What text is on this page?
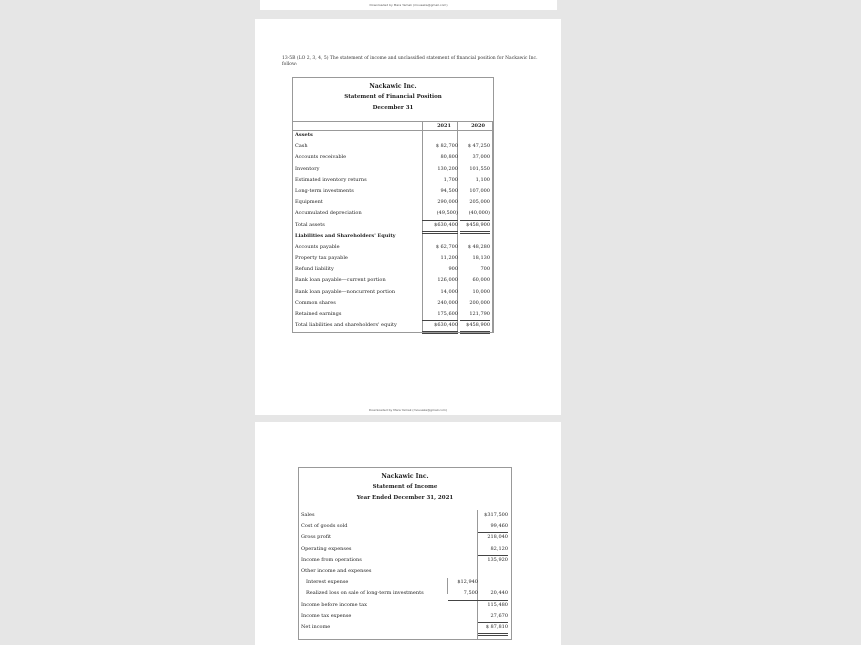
Downloaded by Mara Yamak (mousaka@gmail.com)
13-5B (LO 2, 3, 4, 5) The statement of income and unclassified statement of financial position for Nackawic Inc. follow:
Nackawic Inc.
Statement of Financial Position
December 31
2021	2020
Assets
Cash	$ 82,700	$ 47,250
Accounts receivable	80,800	37,000
Inventory	130,200	101,550
Estimated inventory returns	1,700	1,100
Long-term investments	94,500	107,000
Equipment	290,000	205,000
Accumulated depreciation	(49,500)	(40,000)
Total assets	$630,400	$458,900
Liabilities and Shareholders' Equity
Accounts payable	$ 62,700	$ 48,280
Property tax payable	11,200	18,130
Refund liability	900	700
Bank loan payable—current portion	126,000	60,000
Bank loan payable—noncurrent portion	14,000	10,000
Common shares	240,000	200,000
Retained earnings	175,600	121,790
Total liabilities and shareholders' equity	$630,400	$458,900
Downloaded by Mara Yamak (mousaka@gmail.com)
Nackawic Inc.
Statement of Income
Year Ended December 31, 2021
Sales	$317,500
Cost of goods sold	99,460
Gross profit	218,040
Operating expenses	82,120
Income from operations	135,920
Other income and expenses
Interest expense	$12,940
Realized loss on sale of long-term investments	7,500	20,440
Income before income tax	115,480
Income tax expense	27,670
Net income	$ 87,810
